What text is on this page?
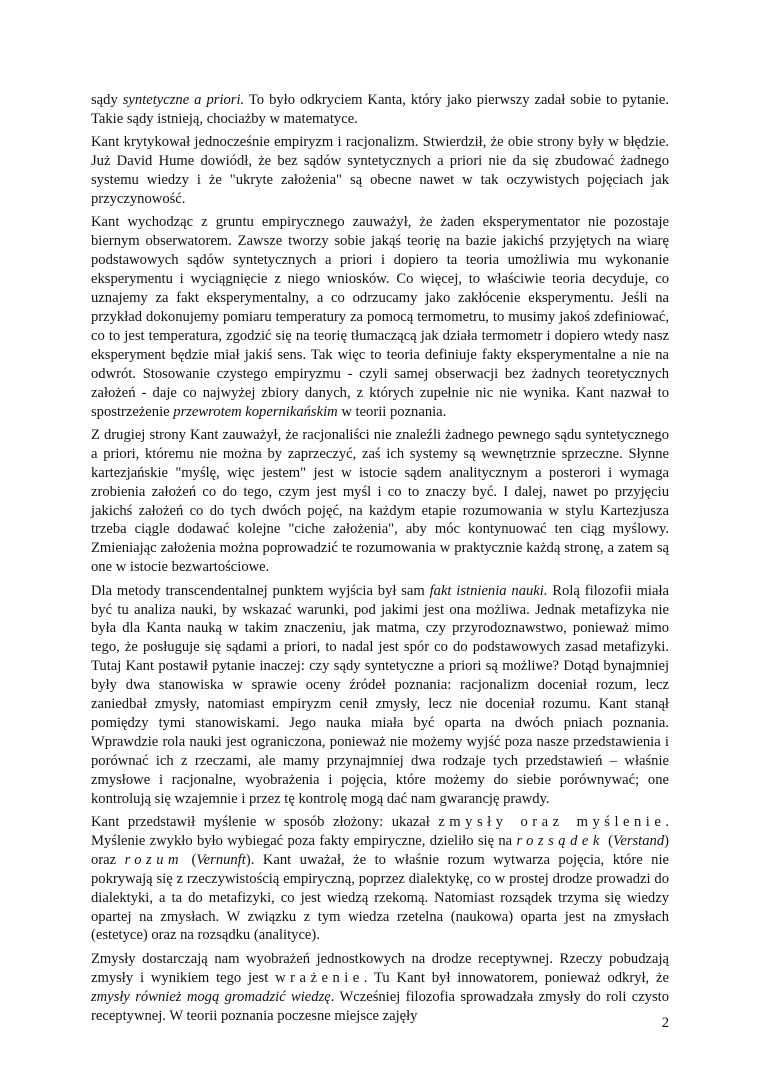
sądy syntetyczne a priori. To było odkryciem Kanta, który jako pierwszy zadał sobie to pytanie. Takie sądy istnieją, chociażby w matematyce.

Kant krytykował jednocześnie empiryzm i racjonalizm. Stwierdził, że obie strony były w błędzie. Już David Hume dowiódł, że bez sądów syntetycznych a priori nie da się zbudować żadnego systemu wiedzy i że "ukryte założenia" są obecne nawet w tak oczywistych pojęciach jak przyczynowość.

Kant wychodząc z gruntu empirycznego zauważył, że żaden eksperymentator nie pozostaje biernym obserwatorem. Zawsze tworzy sobie jakąś teorię na bazie jakichś przyjętych na wiarę podstawowych sądów syntetycznych a priori i dopiero ta teoria umożliwia mu wykonanie eksperymentu i wyciągnięcie z niego wniosków. Co więcej, to właściwie teoria decyduje, co uznajemy za fakt eksperymentalny, a co odrzucamy jako zakłócenie eksperymentu. Jeśli na przykład dokonujemy pomiaru temperatury za pomocą termometru, to musimy jakoś zdefiniować, co to jest temperatura, zgodzić się na teorię tłumaczącą jak działa termometr i dopiero wtedy nasz eksperyment będzie miał jakiś sens. Tak więc to teoria definiuje fakty eksperymentalne a nie na odwrót. Stosowanie czystego empiryzmu - czyli samej obserwacji bez żadnych teoretycznych założeń - daje co najwyżej zbiory danych, z których zupełnie nic nie wynika. Kant nazwał to spostrzeżenie przewrotem kopernikańskim w teorii poznania.

Z drugiej strony Kant zauważył, że racjonaliści nie znaleźli żadnego pewnego sądu syntetycznego a priori, któremu nie można by zaprzeczyć, zaś ich systemy są wewnętrznie sprzeczne. Słynne kartezjańskie "myślę, więc jestem" jest w istocie sądem analitycznym a posterori i wymaga zrobienia założeń co do tego, czym jest myśl i co to znaczy być. I dalej, nawet po przyjęciu jakichś założeń co do tych dwóch pojęć, na każdym etapie rozumowania w stylu Kartezjusza trzeba ciągle dodawać kolejne "ciche założenia", aby móc kontynuować ten ciąg myślowy. Zmieniając założenia można poprowadzić te rozumowania w praktycznie każdą stronę, a zatem są one w istocie bezwartościowe.

Dla metody transcendentalnej punktem wyjścia był sam fakt istnienia nauki. Rolą filozofii miała być tu analiza nauki, by wskazać warunki, pod jakimi jest ona możliwa. Jednak metafizyka nie była dla Kanta nauką w takim znaczeniu, jak matma, czy przyrodoznawstwo, ponieważ mimo tego, że posługuje się sądami a priori, to nadal jest spór co do podstawowych zasad metafizyki. Tutaj Kant postawił pytanie inaczej: czy sądy syntetyczne a priori są możliwe? Dotąd bynajmniej były dwa stanowiska w sprawie oceny źródeł poznania: racjonalizm doceniał rozum, lecz zaniedbał zmysły, natomiast empiryzm cenił zmysły, lecz nie doceniał rozumu. Kant stanął pomiędzy tymi stanowiskami. Jego nauka miała być oparta na dwóch pniach poznania. Wprawdzie rola nauki jest ograniczona, ponieważ nie możemy wyjść poza nasze przedstawienia i porównać ich z rzeczami, ale mamy przynajmniej dwa rodzaje tych przedstawień – właśnie zmysłowe i racjonalne, wyobrażenia i pojęcia, które możemy do siebie porównywać; one kontrolują się wzajemnie i przez tę kontrolę mogą dać nam gwarancję prawdy.

Kant przedstawił myślenie w sposób złożony: ukazał zmysły oraz myślenie. Myślenie zwykło było wybiegać poza fakty empiryczne, dzieliło się na rozsądek (Verstand) oraz rozum (Vernunft). Kant uważał, że to właśnie rozum wytwarza pojęcia, które nie pokrywają się z rzeczywistością empiryczną, poprzez dialektykę, co w prostej drodze prowadzi do dialektyki, a ta do metafizyki, co jest wiedzą rzekomą. Natomiast rozsądek trzyma się wiedzy opartej na zmysłach. W związku z tym wiedza rzetelna (naukowa) oparta jest na zmysłach (estetyce) oraz na rozsądku (analityce).

Zmysły dostarczają nam wyobrażeń jednostkowych na drodze receptywnej. Rzeczy pobudzają zmysły i wynikiem tego jest wrażenie. Tu Kant był innowatorem, ponieważ odkrył, że zmysły również mogą gromadzić wiedzę. Wcześniej filozofia sprowadzała zmysły do roli czysto receptywnej. W teorii poznania poczesne miejsce zajęły	2
